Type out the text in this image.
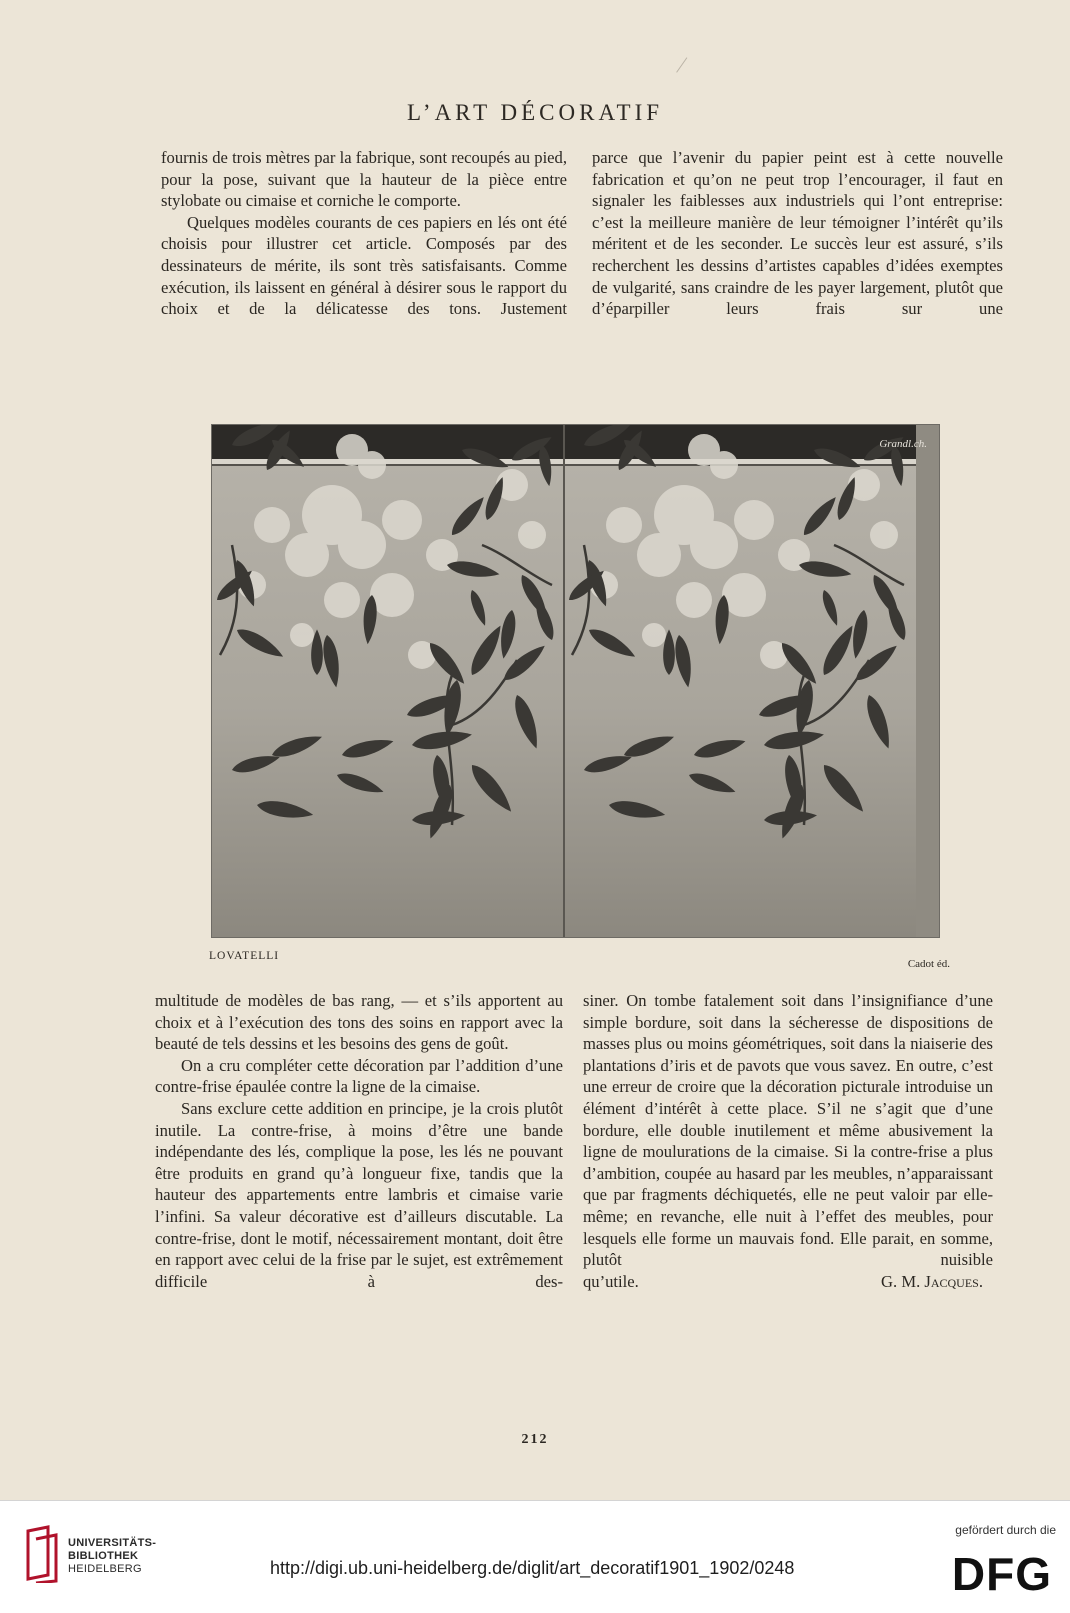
L’ART DÉCORATIF

fournis de trois mètres par la fabrique, sont recoupés au pied, pour la pose, suivant que la hauteur de la pièce entre stylobate ou cimaise et corniche le comporte.

Quelques modèles courants de ces papiers en lés ont été choisis pour illustrer cet article. Composés par des dessinateurs de mérite, ils sont très satisfaisants. Comme exécution, ils laissent en général à désirer sous le rapport du choix et de la délicatesse des tons. Justement

parce que l’avenir du papier peint est à cette nouvelle fabrication et qu’on ne peut trop l’encourager, il faut en signaler les faiblesses aux industriels qui l’ont entreprise: c’est la meilleure manière de leur témoigner l’intérêt qu’ils méritent et de les seconder. Le succès leur est assuré, s’ils recherchent les dessins d’artistes capables d’idées exemptes de vulgarité, sans craindre de les payer largement, plutôt que d’éparpiller leurs frais sur une

Grandl.ch.
LOVATELLI
Cadot éd.

multitude de modèles de bas rang, — et s’ils apportent au choix et à l’exécution des tons des soins en rapport avec la beauté de tels dessins et les besoins des gens de goût.

On a cru compléter cette décoration par l’addition d’une contre-frise épaulée contre la ligne de la cimaise.

Sans exclure cette addition en principe, je la crois plutôt inutile. La contre-frise, à moins d’être une bande indépendante des lés, complique la pose, les lés ne pouvant être produits en grand qu’à longueur fixe, tandis que la hauteur des appartements entre lambris et cimaise varie l’infini. Sa valeur décorative est d’ailleurs discutable. La contre-frise, dont le motif, nécessairement montant, doit être en rapport avec celui de la frise par le sujet, est extrêmement difficile à des-

siner. On tombe fatalement soit dans l’insignifiance d’une simple bordure, soit dans la sécheresse de dispositions de masses plus ou moins géométriques, soit dans la niaiserie des plantations d’iris et de pavots que vous savez. En outre, c’est une erreur de croire que la décoration picturale introduise un élément d’intérêt à cette place. S’il ne s’agit que d’une bordure, elle double inutilement et même abusivement la ligne de moulurations de la cimaise. Si la contre-frise a plus d’ambition, coupée au hasard par les meubles, n’apparaissant que par fragments déchiquetés, elle ne peut valoir par elle-même; en revanche, elle nuit à l’effet des meubles, pour lesquels elle forme un mauvais fond. Elle parait, en somme, plutôt nuisible

qu’utile.	G. M. Jacques.
212
UNIVERSITÄTS-
BIBLIOTHEK
HEIDELBERG	http://digi.ub.uni-heidelberg.de/diglit/art_decoratif1901_1902/0248
gefördert durch die
DFG
